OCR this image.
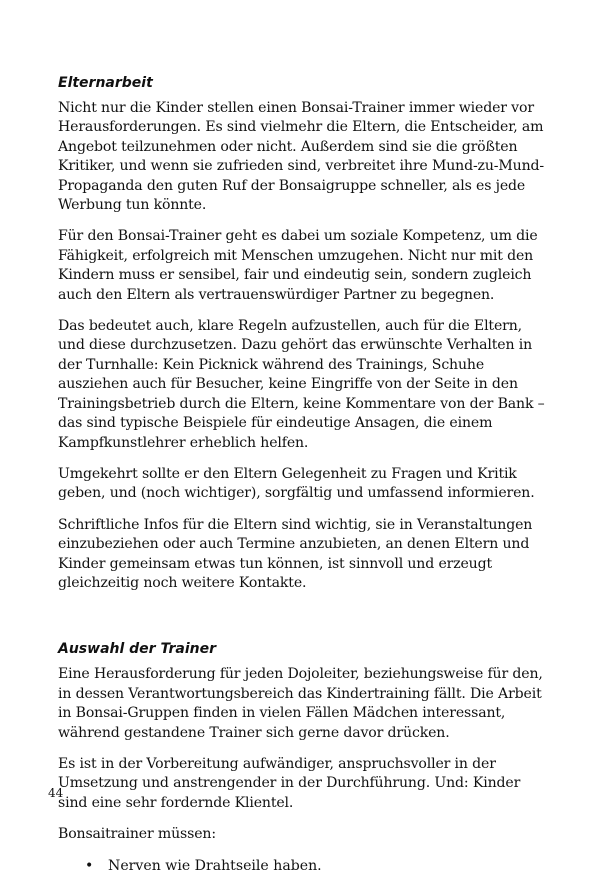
Elternarbeit

Nicht nur die Kinder stellen einen Bonsai-Trainer immer wieder vor Herausforderungen. Es sind vielmehr die Eltern, die Entscheider, am Angebot teilzunehmen oder nicht. Außerdem sind sie die größten Kritiker, und wenn sie zufrieden sind, verbreitet ihre Mund-zu-Mund-Propaganda den guten Ruf der Bonsaigruppe schneller, als es jede Werbung tun könnte.

Für den Bonsai-Trainer geht es dabei um soziale Kompetenz, um die Fähigkeit, erfolgreich mit Menschen umzugehen. Nicht nur mit den Kindern muss er sensibel, fair und eindeutig sein, sondern zugleich auch den Eltern als vertrauenswürdiger Partner zu begegnen.

Das bedeutet auch, klare Regeln aufzustellen, auch für die Eltern, und diese durchzusetzen. Dazu gehört das erwünschte Verhalten in der Turnhalle: Kein Picknick während des Trainings, Schuhe ausziehen auch für Besucher, keine Eingriffe von der Seite in den Trainingsbetrieb durch die Eltern, keine Kommentare von der Bank – das sind typische Beispiele für eindeutige Ansagen, die einem Kampfkunstlehrer erheblich helfen.

Umgekehrt sollte er den Eltern Gelegenheit zu Fragen und Kritik geben, und (noch wichtiger), sorgfältig und umfassend informieren.

Schriftliche Infos für die Eltern sind wichtig, sie in Veranstaltungen einzubeziehen oder auch Termine anzubieten, an denen Eltern und Kinder gemeinsam etwas tun können, ist sinnvoll und erzeugt gleichzeitig noch weitere Kontakte.

Auswahl der Trainer

Eine Herausforderung für jeden Dojoleiter, beziehungsweise für den, in dessen Verantwortungsbereich das Kindertraining fällt. Die Arbeit in Bonsai-Gruppen finden in vielen Fällen Mädchen interessant, während gestandene Trainer sich gerne davor drücken.

Es ist in der Vorbereitung aufwändiger, anspruchsvoller in der Umsetzung und anstrengender in der Durchführung. Und: Kinder sind eine sehr fordernde Klientel.

Bonsaitrainer müssen:

• Nerven wie Drahtseile haben.
44
